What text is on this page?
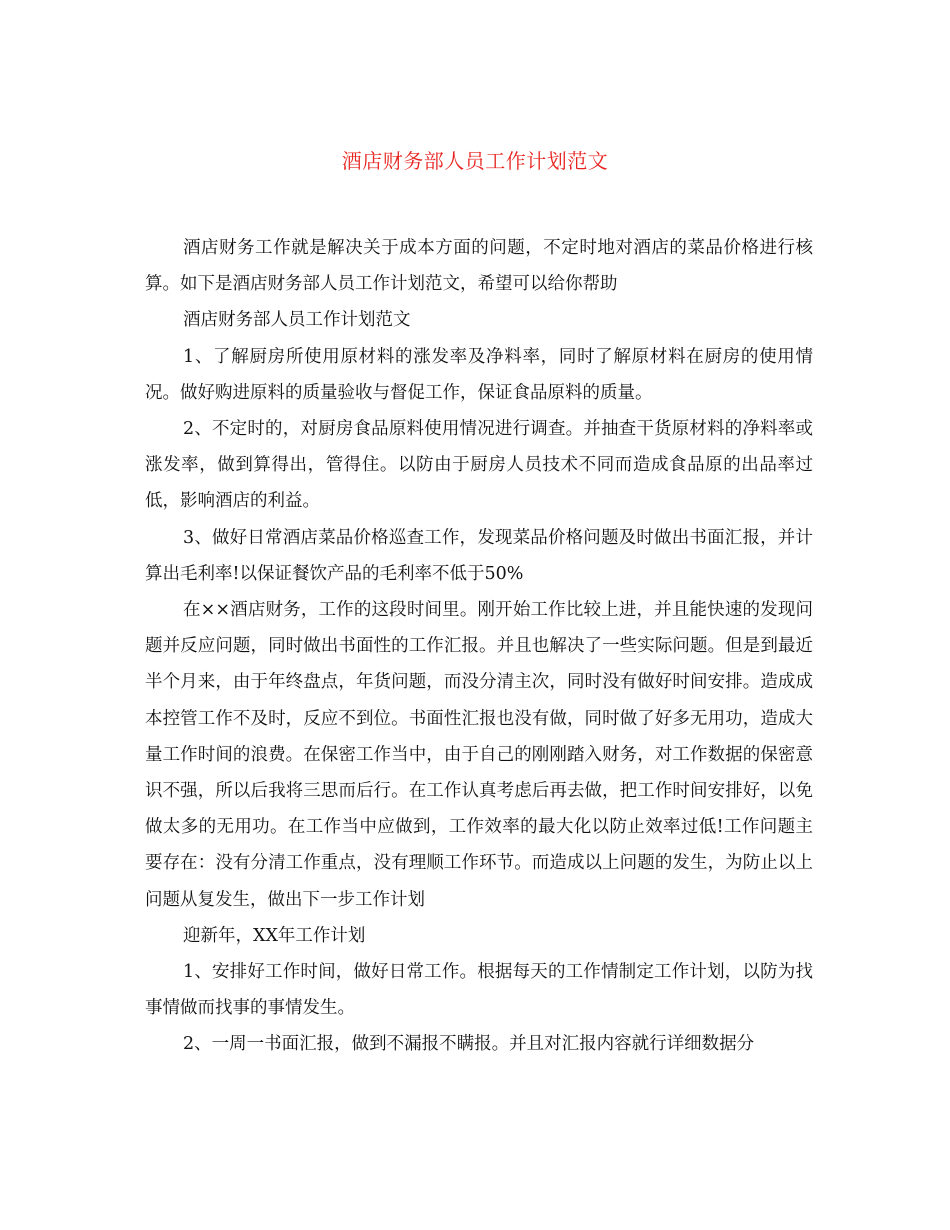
酒店财务部人员工作计划范文

酒店财务工作就是解决关于成本方面的问题，不定时地对酒店的菜品价格进行核算。如下是酒店财务部人员工作计划范文，希望可以给你帮助

酒店财务部人员工作计划范文

1、了解厨房所使用原材料的涨发率及净料率，同时了解原材料在厨房的使用情况。做好购进原料的质量验收与督促工作，保证食品原料的质量。

2、不定时的，对厨房食品原料使用情况进行调查。并抽查干货原材料的净料率或涨发率，做到算得出，管得住。以防由于厨房人员技术不同而造成食品原的出品率过低，影响酒店的利益。

3、做好日常酒店菜品价格巡查工作，发现菜品价格问题及时做出书面汇报，并计算出毛利率!以保证餐饮产品的毛利率不低于50%

在××酒店财务，工作的这段时间里。刚开始工作比较上进，并且能快速的发现问题并反应问题，同时做出书面性的工作汇报。并且也解决了一些实际问题。但是到最近半个月来，由于年终盘点，年货问题，而没分清主次，同时没有做好时间安排。造成成本控管工作不及时，反应不到位。书面性汇报也没有做，同时做了好多无用功，造成大量工作时间的浪费。在保密工作当中，由于自己的刚刚踏入财务，对工作数据的保密意识不强，所以后我将三思而后行。在工作认真考虑后再去做，把工作时间安排好，以免做太多的无用功。在工作当中应做到，工作效率的最大化以防止效率过低!工作问题主要存在：没有分清工作重点，没有理顺工作环节。而造成以上问题的发生，为防止以上问题从复发生，做出下一步工作计划

迎新年，XX年工作计划

1、安排好工作时间，做好日常工作。根据每天的工作情制定工作计划，以防为找事情做而找事的事情发生。

2、一周一书面汇报，做到不漏报不瞒报。并且对汇报内容就行详细数据分
